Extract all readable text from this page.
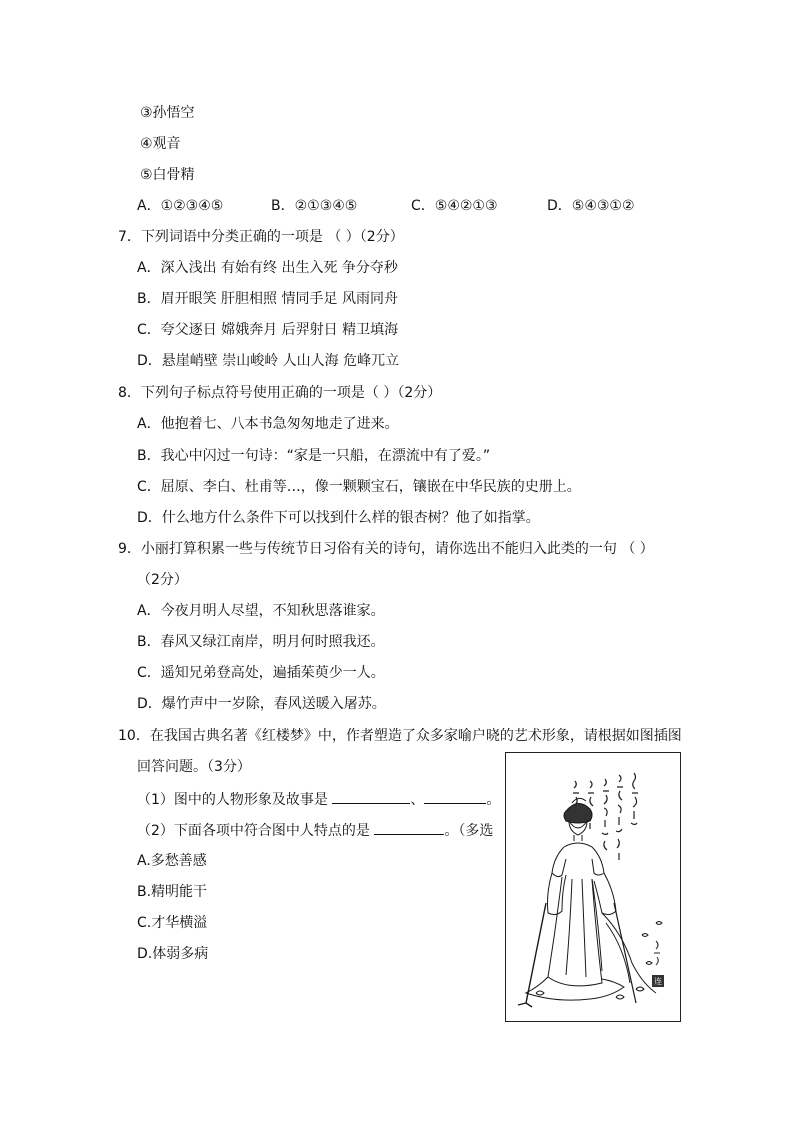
③孙悟空
④观音
⑤白骨精
A．①②③④⑤	B．②①③④⑤	C．⑤④②①③	D．⑤④③①②
7．下列词语中分类正确的一项是 （ ）（2分）
A．深入浅出 有始有终 出生入死 争分夺秒
B．眉开眼笑 肝胆相照 情同手足 风雨同舟
C．夸父逐日 嫦娥奔月 后羿射日 精卫填海
D．悬崖峭壁 崇山峻岭 人山人海 危峰兀立
8．下列句子标点符号使用正确的一项是（ ）（2分）
A．他抱着七、八本书急匆匆地走了进来。
B．我心中闪过一句诗：“家是一只船，在漂流中有了爱。”
C．屈原、李白、杜甫等…，像一颗颗宝石，镶嵌在中华民族的史册上。
D．什么地方什么条件下可以找到什么样的银杏树？他了如指掌。
9．小丽打算积累一些与传统节日习俗有关的诗句，请你选出不能归入此类的一句 （ ）
（2分）
A．今夜月明人尽望，不知秋思落谁家。
B．春风又绿江南岸，明月何时照我还。
C．遥知兄弟登高处，遍插茱萸少一人。
D．爆竹声中一岁除，春风送暖入屠苏。
10．在我国古典名著《红楼梦》中，作者塑造了众多家喻户晓的艺术形象，请根据如图插图
回答问题。（3分）
（1）图中的人物形象及故事是	、	。
（2）下面各项中符合图中人特点的是	。（多选
A.多愁善感
B.精明能干
C.才华横溢
D.体弱多病
连
